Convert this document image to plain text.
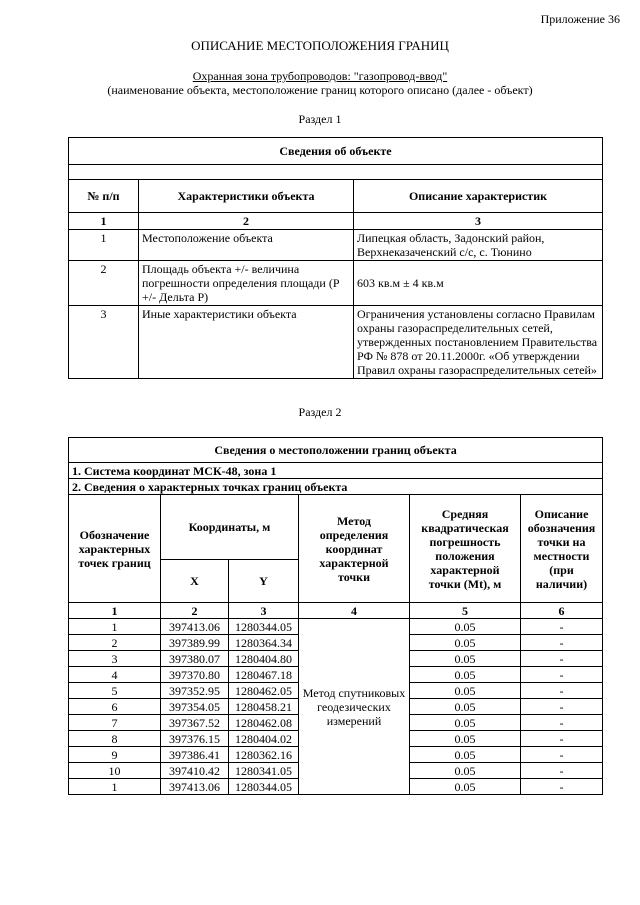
Приложение 36
ОПИСАНИЕ МЕСТОПОЛОЖЕНИЯ ГРАНИЦ
Охранная зона трубопроводов: "газопровод-ввод"
(наименование объекта, местоположение границ которого описано (далее - объект)
Раздел 1
Сведения об объекте		

№ п/п	Характеристики объекта	Описание характеристик
1	2	3
1	Местоположение объекта	Липецкая область, Задонский район, Верхнеказаченский с/с, с. Тюнино
2	Площадь объекта +/- величина погрешности определения площади (P +/- Дельта P)	603 кв.м ± 4 кв.м
3	Иные характеристики объекта	Ограничения установлены согласно Правилам охраны газораспределительных сетей, утвержденных постановлением Правительства РФ № 878 от 20.11.2000г. «Об утверждении Правил охраны газораспределительных сетей»
Раздел 2
Сведения о местоположении границ объекта					
1. Система координат МСК-48, зона 1					
2. Сведения о характерных точках границ объекта					
Обозначение характерных точек границ	Координаты, м		Метод определения координат характерной точки	Средняя квадратическая погрешность положения характерной точки (Mt), м	Описание обозначения точки на местности (при наличии)
	X	Y			
1	2	3	4	5	6
1	397413.06	1280344.05	Метод спутниковых геодезических измерений	0.05	-
2	397389.99	1280364.34		0.05	-
3	397380.07	1280404.80		0.05	-
4	397370.80	1280467.18		0.05	-
5	397352.95	1280462.05		0.05	-
6	397354.05	1280458.21		0.05	-
7	397367.52	1280462.08		0.05	-
8	397376.15	1280404.02		0.05	-
9	397386.41	1280362.16		0.05	-
10	397410.42	1280341.05		0.05	-
1	397413.06	1280344.05		0.05	-
